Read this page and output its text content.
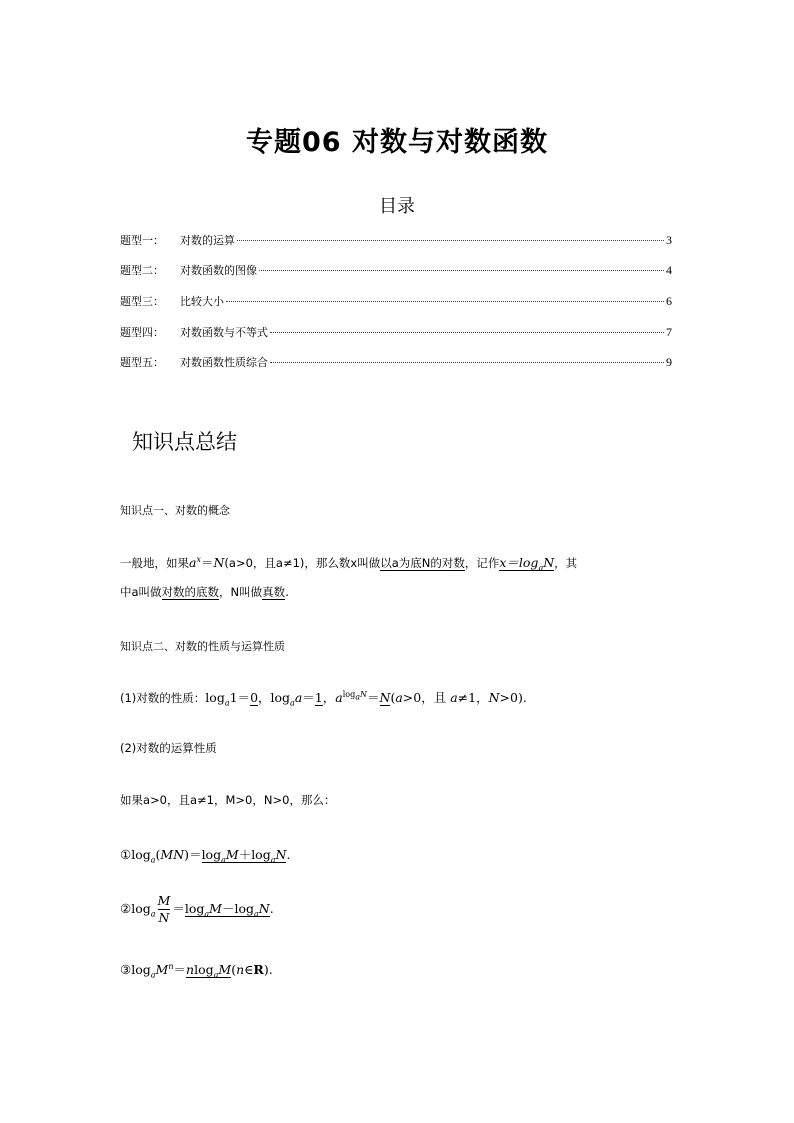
专题06 对数与对数函数
目录
题型一： 对数的运算	3
题型二： 对数函数的图像	4
题型三： 比较大小	6
题型四： 对数函数与不等式	7
题型五： 对数函数性质综合	9
知识点总结
知识点一、对数的概念
一般地，如果$a^x=N(a>0$，且a≠1)，那么数x叫做以a为底N的对数，记作$x=\log_aN$，其
中a叫做对数的底数，N叫做真数.
知识点二、对数的性质与运算性质
(1)对数的性质：$\log_a1=0$，$\log_aa=1$，$a^{log_aN}=N(a>0$，且 a≠1，N>0).
(2)对数的运算性质
如果a>0，且a≠1，M>0，N>0，那么：
$①\log_a(MN)=\log_aM+\log_aN$.
$②\log_a \frac{M}{N} =\log_aM-\log_aN$.
$③\log_aM^n=nlog_aM(n\in R)$.
